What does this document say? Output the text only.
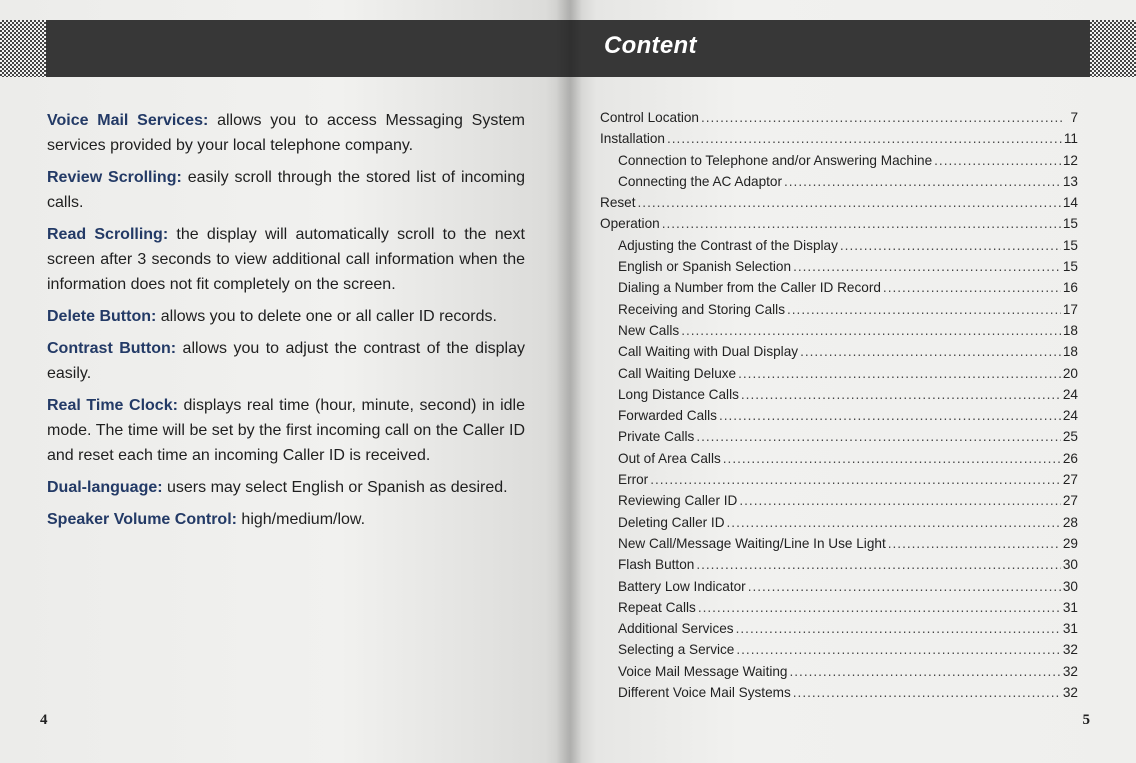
Voice Mail Services: allows you to access Messaging System services provided by your local telephone company.

Review Scrolling: easily scroll through the stored list of incoming calls.

Read Scrolling: the display will automatically scroll to the next screen after 3 seconds to view additional call information when the information does not fit completely on the screen.

Delete Button: allows you to delete one or all caller ID records.

Contrast Button: allows you to adjust the contrast of the display easily.

Real Time Clock: displays real time (hour, minute, second) in idle mode. The time will be set by the first incoming call on the Caller ID and reset each time an incoming Caller ID is received.

Dual-language: users may select English or Spanish as desired.

Speaker Volume Control: high/medium/low.

4
Content
Control Location .....	7
Installation .....	11
Connection to Telephone and/or Answering Machine .....	12
Connecting the AC Adaptor .....	13
Reset .....	14
Operation .....	15
Adjusting the Contrast of the Display .....	15
English or Spanish Selection .....	15
Dialing a Number from the Caller ID Record .....	16
Receiving and Storing Calls .....	17
New Calls .....	18
Call Waiting with Dual Display .....	18
Call Waiting Deluxe .....	20
Long Distance Calls .....	24
Forwarded Calls .....	24
Private Calls .....	25
Out of Area Calls .....	26
Error .....	27
Reviewing Caller ID .....	27
Deleting Caller ID .....	28
New Call/Message Waiting/Line In Use Light .....	29
Flash Button .....	30
Battery Low Indicator .....	30
Repeat Calls .....	31
Additional Services .....	31
Selecting a Service .....	32
Voice Mail Message Waiting .....	32
Different Voice Mail Systems .....	32
5
